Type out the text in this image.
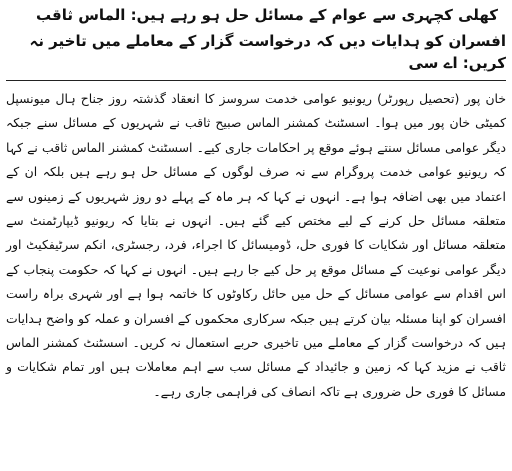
کھلی کچہری سے عوام کے مسائل حل ہو رہے ہیں: الماس ثاقب
افسران کو ہدایات دیں کہ درخواست گزار کے معاملے میں تاخیر نہ کریں: اے سی

خان پور (تحصیل رپورٹر) ریونیو عوامی خدمت سروسز کا انعقاد گذشتہ روز جناح ہال میونسپل کمیٹی خان پور میں ہوا۔ اسسٹنٹ کمشنر الماس صبیح ثاقب نے شہریوں کے مسائل سنے جبکہ دیگر عوامی مسائل سنتے ہوئے موقع پر احکامات جاری کیے۔ اسسٹنٹ کمشنر الماس ثاقب نے کہا کہ ریونیو عوامی خدمت پروگرام سے نہ صرف لوگوں کے مسائل حل ہو رہے ہیں بلکہ ان کے اعتماد میں بھی اضافہ ہوا ہے۔ انہوں نے کہا کہ ہر ماہ کے پہلے دو روز شہریوں کے زمینوں سے متعلقہ مسائل حل کرنے کے لیے مختص کیے گئے ہیں۔ انہوں نے بتایا کہ ریونیو ڈیپارٹمنٹ سے متعلقہ مسائل اور شکایات کا فوری حل، ڈومیسائل کا اجراء، فرد، رجسٹری، انکم سرٹیفکیٹ اور دیگر عوامی نوعیت کے مسائل موقع پر حل کیے جا رہے ہیں۔ انہوں نے کہا کہ حکومت پنجاب کے اس اقدام سے عوامی مسائل کے حل میں حائل رکاوٹوں کا خاتمہ ہوا ہے اور شہری براہ راست افسران کو اپنا مسئلہ بیان کرتے ہیں جبکہ سرکاری محکموں کے افسران و عملہ کو واضح ہدایات ہیں کہ درخواست گزار کے معاملے میں تاخیری حربے استعمال نہ کریں۔ اسسٹنٹ کمشنر الماس ثاقب نے مزید کہا کہ زمین و جائیداد کے مسائل سب سے اہم معاملات ہیں اور تمام شکایات و مسائل کا فوری حل ضروری ہے تاکہ انصاف کی فراہمی جاری رہے۔
